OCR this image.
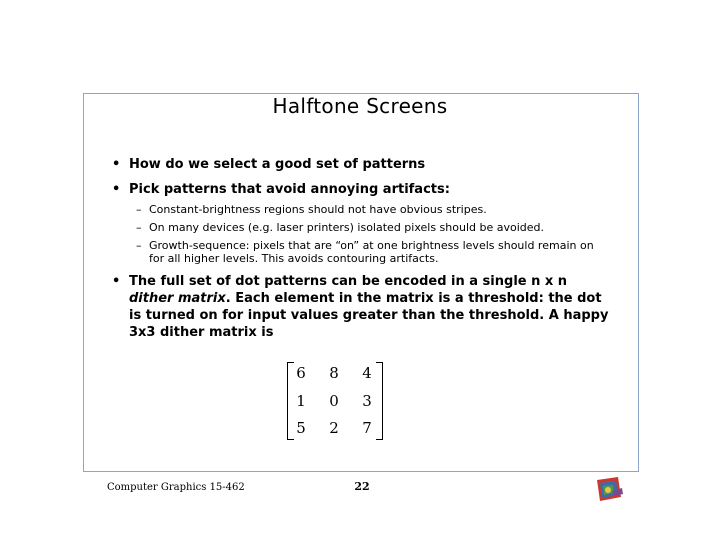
Halftone Screens
• How do we select a good set of patterns
• Pick patterns that avoid annoying artifacts:
– Constant-brightness regions should not have obvious stripes.
– On many devices (e.g. laser printers) isolated pixels should be avoided.
– Growth-sequence: pixels that are “on” at one brightness levels should remain on for all higher levels. This avoids contouring artifacts.
• The full set of dot patterns can be encoded in a single n x n dither matrix. Each element in the matrix is a threshold: the dot is turned on for input values greater than the threshold. A happy 3x3 dither matrix is
6	8	4
1	0	3
5	2	7
Computer Graphics 15-462	22
